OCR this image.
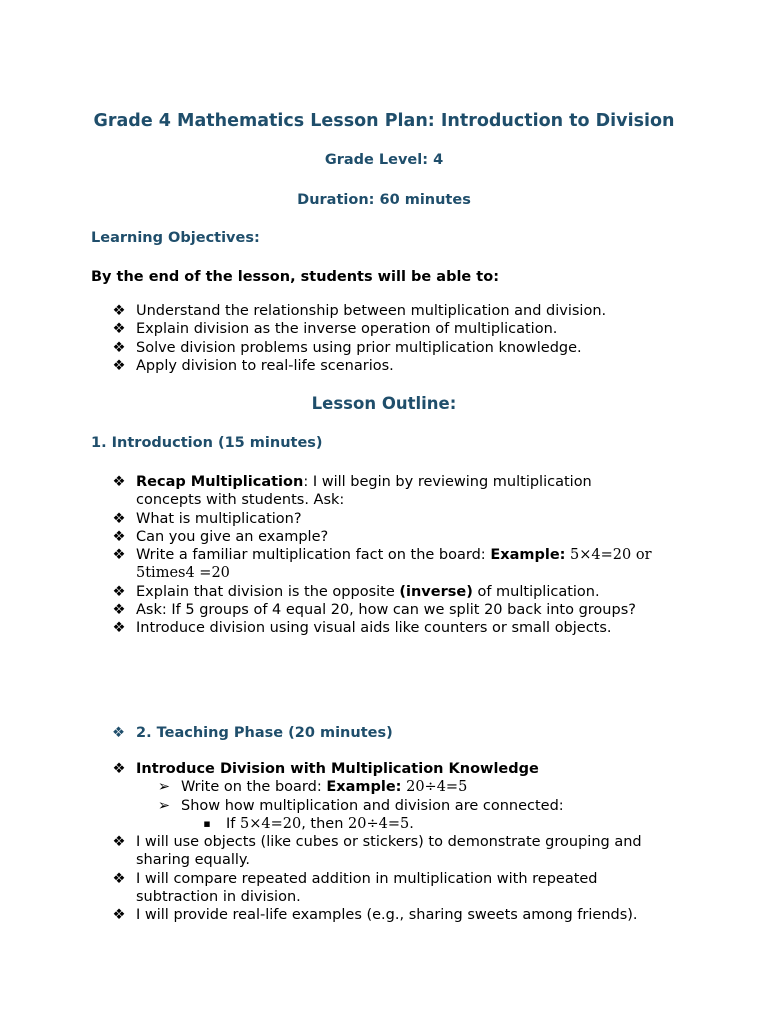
Grade 4 Mathematics Lesson Plan: Introduction to Division
Grade Level: 4
Duration: 60 minutes
Learning Objectives:
By the end of the lesson, students will be able to:
❖ Understand the relationship between multiplication and division.
❖ Explain division as the inverse operation of multiplication.
❖ Solve division problems using prior multiplication knowledge.
❖ Apply division to real-life scenarios.
Lesson Outline:
1. Introduction (15 minutes)
❖ Recap Multiplication: I will begin by reviewing multiplication
concepts with students. Ask:
❖ What is multiplication?
❖ Can you give an example?
❖ Write a familiar multiplication fact on the board: Example: 5×4=20 or
5times4 =20
❖ Explain that division is the opposite (inverse) of multiplication.
❖ Ask: If 5 groups of 4 equal 20, how can we split 20 back into groups?
❖ Introduce division using visual aids like counters or small objects.
❖ 2. Teaching Phase (20 minutes)
❖ Introduce Division with Multiplication Knowledge
➢ Write on the board: Example: 20÷4=5
➢ Show how multiplication and division are connected:
▪	If 5×4=20, then 20÷4=5.
❖ I will use objects (like cubes or stickers) to demonstrate grouping and
sharing equally.
❖ I will compare repeated addition in multiplication with repeated
subtraction in division.
❖ I will provide real-life examples (e.g., sharing sweets among friends).
